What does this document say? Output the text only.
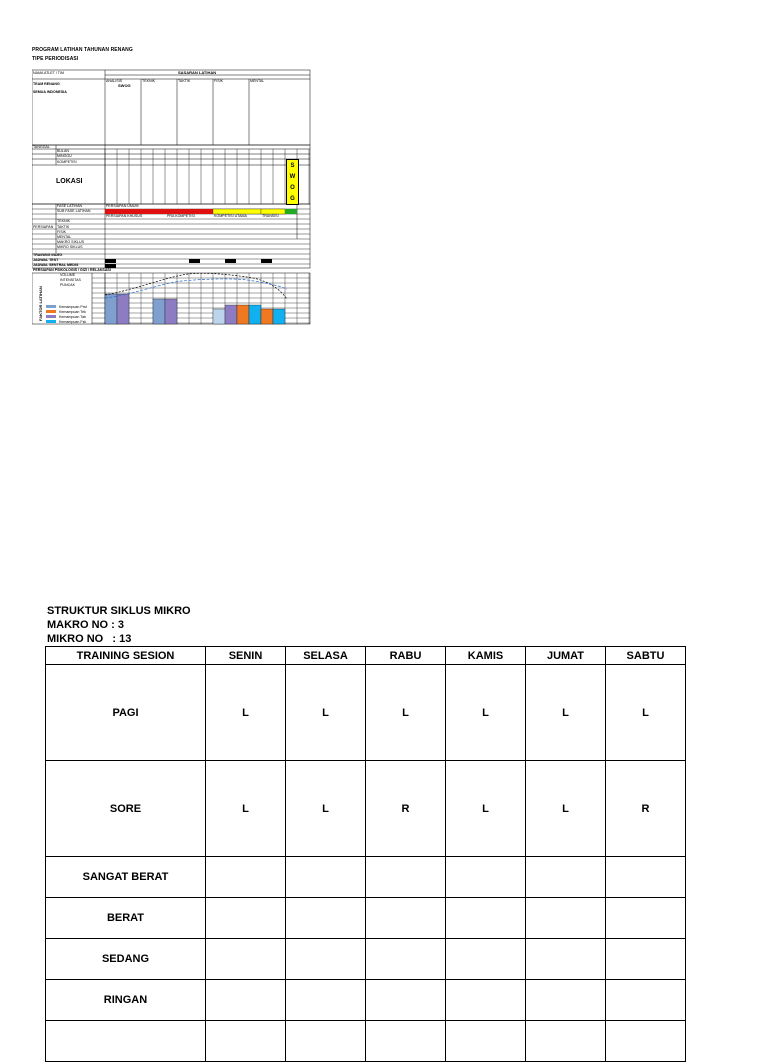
PROGRAM LATIHAN TAHUNAN RENANG
TIPE PERIODISASI
LOKASI
S
W
O
G
NAMA ATLET / TIM	SASARAN LATIHAN
TEAM RENANG
SEMUA INDONESIA
ANALISIS
SWOG
TEKNIK	TAKTIK	FISIK	MENTAL
TANGGAL
BULAN
MINGGU
KOMPETISI
FASE LATIHAN
SUB FASE LATIHAN
PERSIAPAN
PERSIAPAN UMUM
PERSIAPAN KHUSUS	PRA KOMPETISI	KOMPETISI UTAMA	TRANSISI
TEKNIK
TAKTIK
FISIK
MENTAL
MAKRO SIKLUS
MIKRO SIKLUS
TRAINING INDEX
JADWAL TEST
JADWAL SENTRAL MEDIS
PERSIAPAN PSIKOLOGIS / GIZI / RELAKSASI
VOLUME
INTENSITAS
PUNCAK
Kemampuan Prst
Kemampuan Tek
Kemampuan Tak
Kemampuan Fsk
FAKTOR LATIHAN
STRUKTUR SIKLUS MIKRO
MAKRO NO : 3
MIKRO NO   : 13
TRAINING SESION	SENIN	SELASA	RABU	KAMIS	JUMAT	SABTU
PAGI	L	L	L	L	L	L
SORE	L	L	R	L	L	R
SANGAT BERAT						
BERAT						
SEDANG						
RINGAN						
